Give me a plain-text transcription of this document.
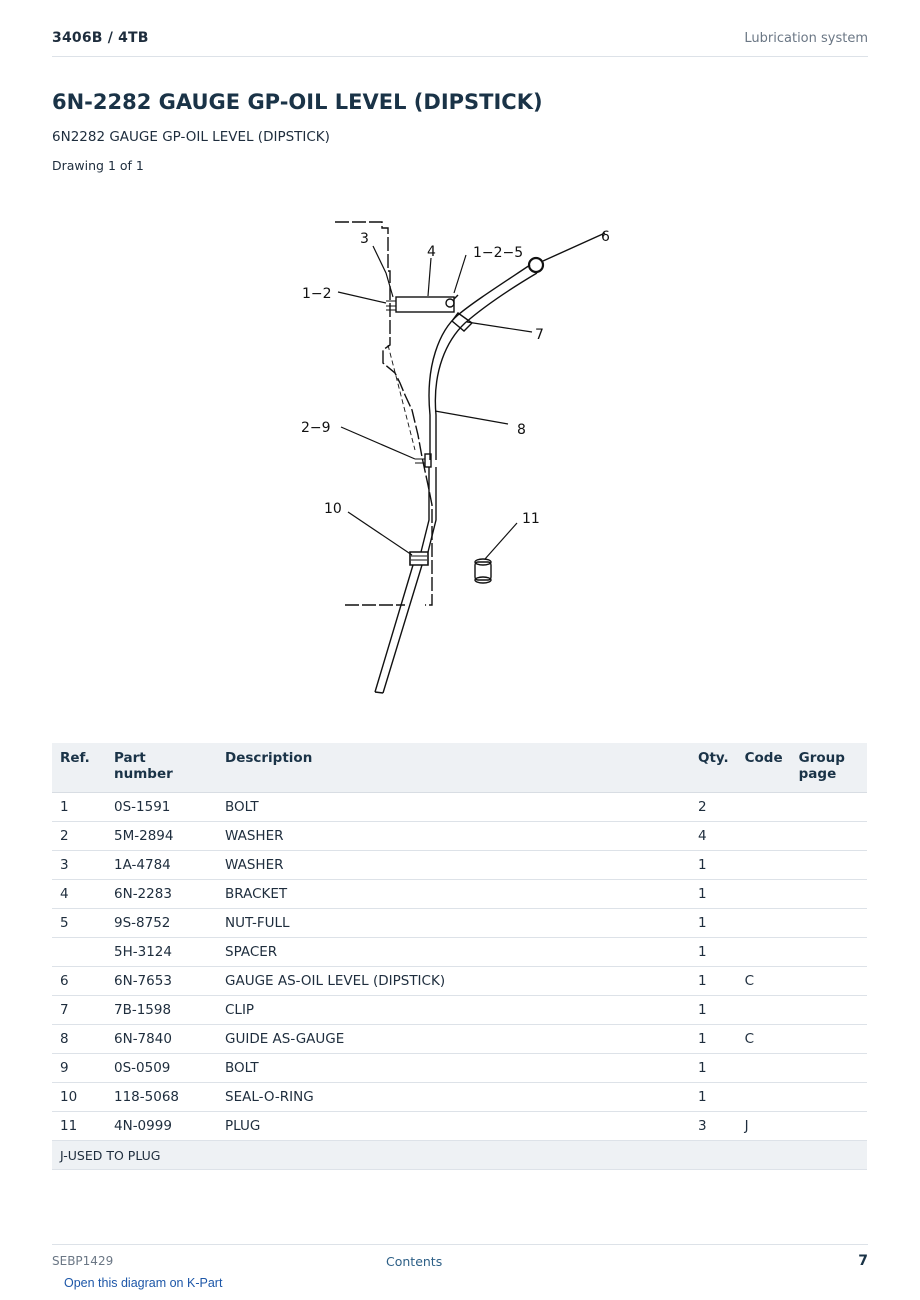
3406B / 4TB	Lubrication system
6N-2282 GAUGE GP-OIL LEVEL (DIPSTICK)
6N2282 GAUGE GP-OIL LEVEL (DIPSTICK)
Drawing 1 of 1
3
4	1−2−5
6
1−2
7
2−9	8
10
11
Ref.	Part number	Description	Qty.	Code	Group page
1	0S-1591	BOLT	2		
2	5M-2894	WASHER	4		
3	1A-4784	WASHER	1		
4	6N-2283	BRACKET	1		
5	9S-8752	NUT-FULL	1		
	5H-3124	SPACER	1		
6	6N-7653	GAUGE AS-OIL LEVEL (DIPSTICK)	1	C	
7	7B-1598	CLIP	1		
8	6N-7840	GUIDE AS-GAUGE	1	C	
9	0S-0509	BOLT	1		
10	118-5068	SEAL-O-RING	1		
11	4N-0999	PLUG	3	J	
J-USED TO PLUG					
SEBP1429	Contents	7
Open this diagram on K-Part
